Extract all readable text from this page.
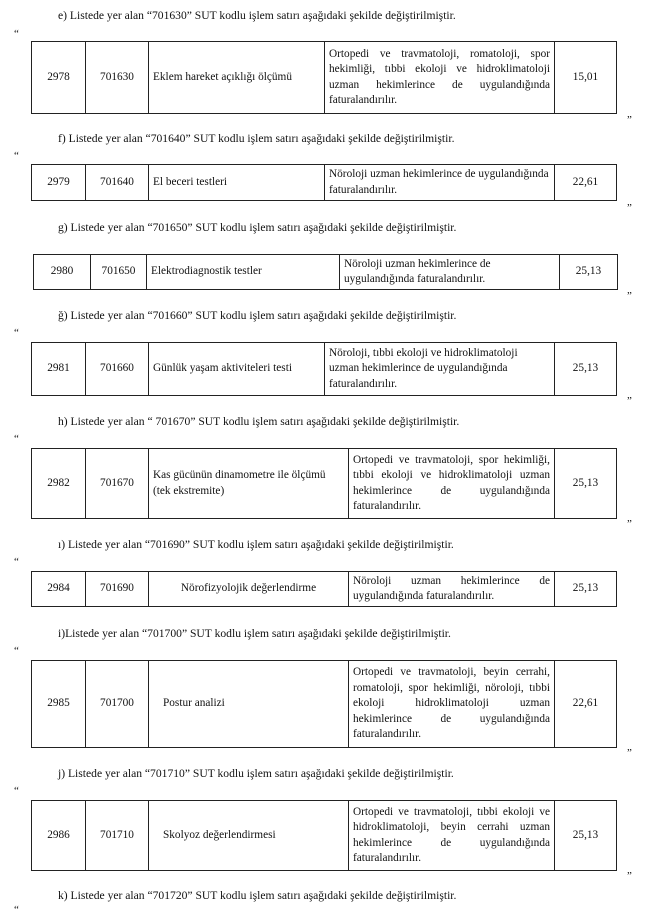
e) Listede yer alan “701630” SUT kodlu işlem satırı aşağıdaki şekilde değiştirilmiştir.
“
2978	701630	Eklem hareket açıklığı ölçümü	Ortopedi ve travmatoloji, romatoloji, spor hekimliği, tıbbi ekoloji ve hidroklimatoloji uzman hekimlerince de uygulandığında faturalandırılır.	15,01
”
f) Listede yer alan “701640” SUT kodlu işlem satırı aşağıdaki şekilde değiştirilmiştir.
“
2979	701640	El beceri testleri	Nöroloji uzman hekimlerince de uygulandığında faturalandırılır.	22,61
”
g) Listede yer alan “701650” SUT kodlu işlem satırı aşağıdaki şekilde değiştirilmiştir.
2980	701650	Elektrodiagnostik testler	Nöroloji uzman hekimlerince de uygulandığında faturalandırılır.	25,13
”
ğ) Listede yer alan “701660” SUT kodlu işlem satırı aşağıdaki şekilde değiştirilmiştir.
“
2981	701660	Günlük yaşam aktiviteleri testi	Nöroloji, tıbbi ekoloji ve hidroklimatoloji uzman hekimlerince de uygulandığında faturalandırılır.	25,13
”
h) Listede yer alan “ 701670” SUT kodlu işlem satırı aşağıdaki şekilde değiştirilmiştir.
“
2982	701670	Kas gücünün dinamometre ile ölçümü (tek ekstremite)	Ortopedi ve travmatoloji, spor hekimliği, tıbbi ekoloji ve hidroklimatoloji uzman hekimlerince de uygulandığında faturalandırılır.	25,13
”
ı) Listede yer alan “701690” SUT kodlu işlem satırı aşağıdaki şekilde değiştirilmiştir.
“
2984	701690	Nörofizyolojik değerlendirme	Nöroloji uzman hekimlerince de uygulandığında faturalandırılır.	25,13
i)Listede yer alan “701700” SUT kodlu işlem satırı aşağıdaki şekilde değiştirilmiştir.
“
2985	701700	Postur analizi	Ortopedi ve travmatoloji, beyin cerrahi, romatoloji, spor hekimliği, nöroloji, tıbbi ekoloji hidroklimatoloji uzman hekimlerince de uygulandığında faturalandırılır.	22,61
”
j) Listede yer alan “701710” SUT kodlu işlem satırı aşağıdaki şekilde değiştirilmiştir.
“
2986	701710	Skolyoz değerlendirmesi	Ortopedi ve travmatoloji, tıbbi ekoloji ve hidroklimatoloji, beyin cerrahi uzman hekimlerince de uygulandığında faturalandırılır.	25,13
”
k) Listede yer alan “701720” SUT kodlu işlem satırı aşağıdaki şekilde değiştirilmiştir.
“
